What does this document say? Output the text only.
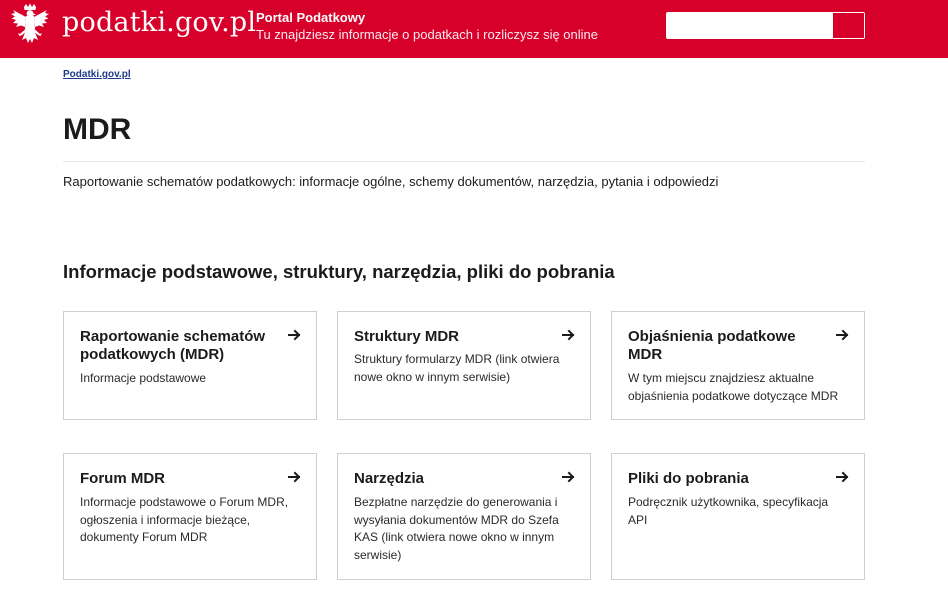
podatki.gov.pl Portal Podatkowy
Tu znajdziesz informacje o podatkach i rozliczysz się online
Podatki.gov.pl
MDR

Raportowanie schematów podatkowych: informacje ogólne, schemy dokumentów, narzędzia, pytania i odpowiedzi

Informacje podstawowe, struktury, narzędzia, pliki do pobrania
Raportowanie schematów podatkowych (MDR)
Informacje podstawowe
Struktury MDR
Struktury formularzy MDR (link otwiera nowe okno w innym serwisie)
Objaśnienia podatkowe MDR
W tym miejscu znajdziesz aktualne objaśnienia podatkowe dotyczące MDR
Forum MDR
Informacje podstawowe o Forum MDR, ogłoszenia i informacje bieżące, dokumenty Forum MDR
Narzędzia
Bezpłatne narzędzie do generowania i wysyłania dokumentów MDR do Szefa KAS (link otwiera nowe okno w innym serwisie)
Pliki do pobrania
Podręcznik użytkownika, specyfikacja API
